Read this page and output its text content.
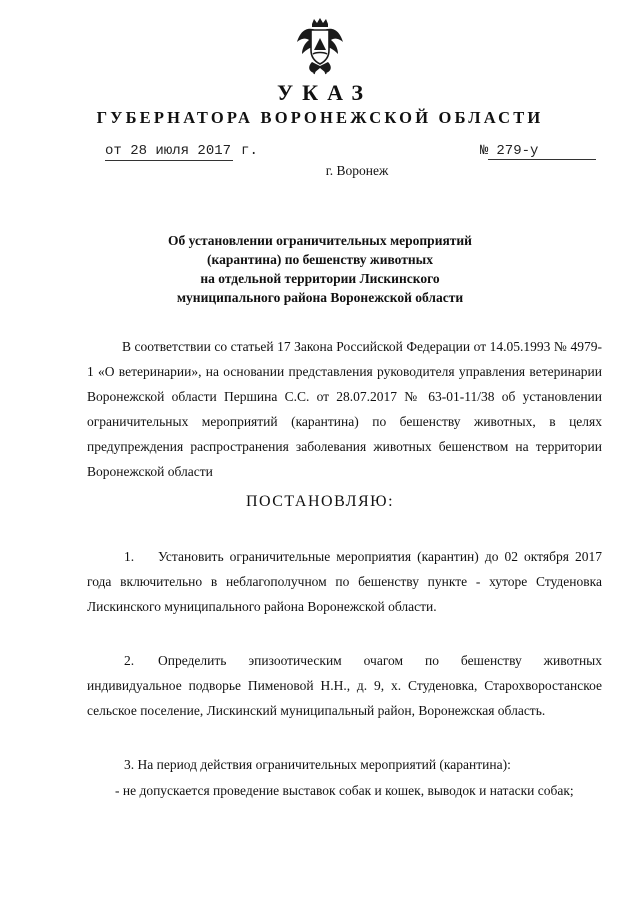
УКАЗ
ГУБЕРНАТОРА ВОРОНЕЖСКОЙ ОБЛАСТИ
от 28 июля 2017 г.	№ 279-у
г. Воронеж
Об установлении ограничительных мероприятий
(карантина) по бешенству животных
на отдельной территории Лискинского
муниципального района Воронежской области
В соответствии со статьей 17 Закона Российской Федерации от 14.05.1993 № 4979-1 «О ветеринарии», на основании представления руководителя управления ветеринарии Воронежской области Першина С.С. от 28.07.2017 № 63-01-11/38 об установлении ограничительных мероприятий (карантина) по бешенству животных, в целях предупреждения распространения заболевания животных бешенством на территории Воронежской области
ПОСТАНОВЛЯЮ:
1. Установить ограничительные мероприятия (карантин) до 02 октября 2017 года включительно в неблагополучном по бешенству пункте - хуторе Студеновка Лискинского муниципального района Воронежской области.
2. Определить эпизоотическим очагом по бешенству животных индивидуальное подворье Пименовой Н.Н., д. 9, х. Студеновка, Старохворостанское сельское поселение, Лискинский муниципальный район, Воронежская область.
3. На период действия ограничительных мероприятий (карантина):
- не допускается проведение выставок собак и кошек, выводок и натаски собак;
